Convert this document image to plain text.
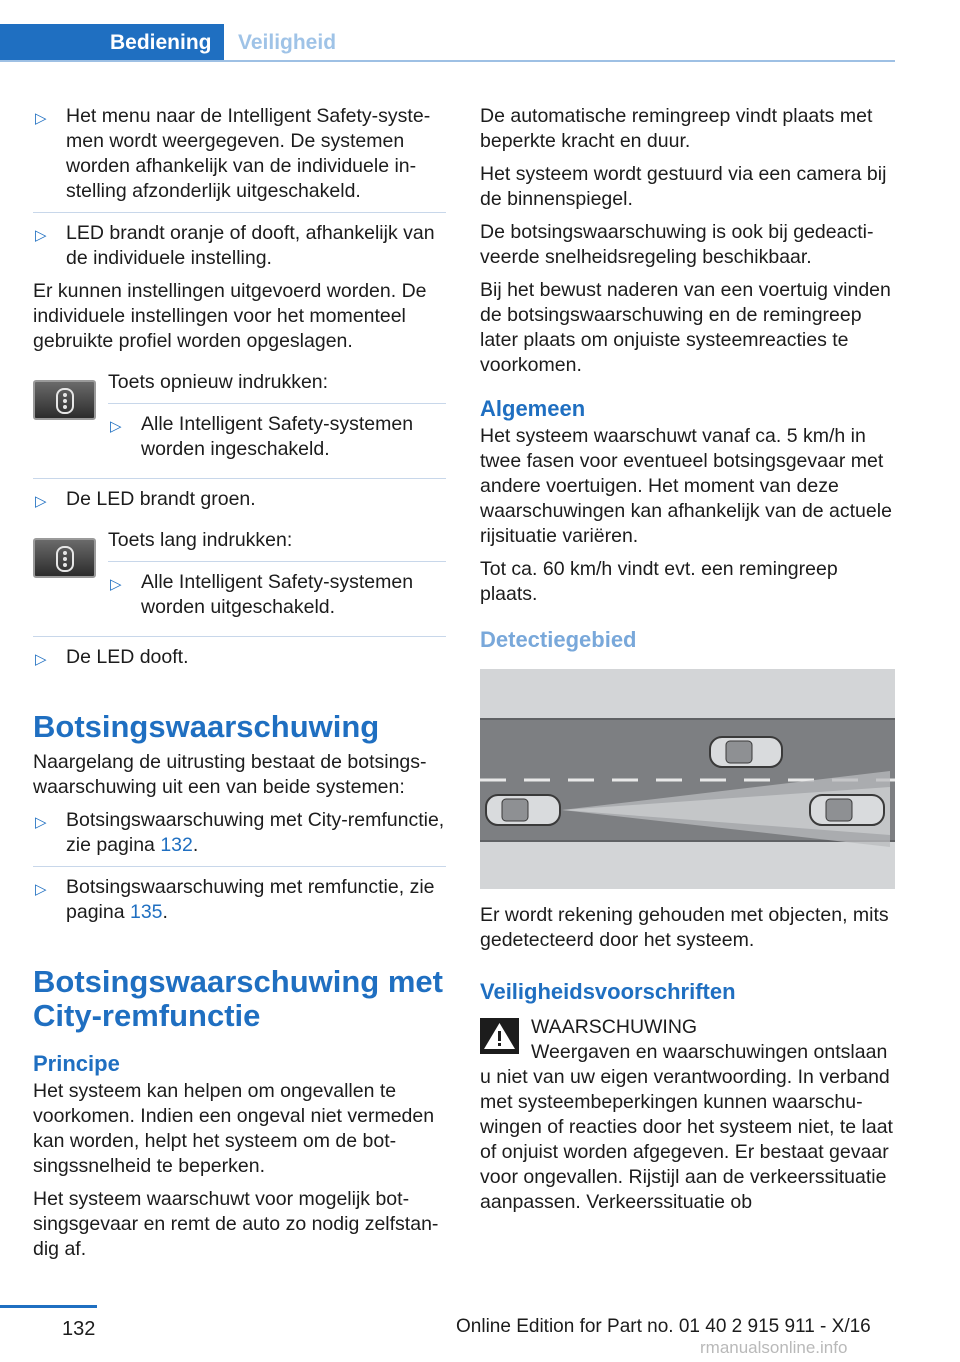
Bediening	Veiligheid
▷ Het menu naar de Intelligent Safety-systemen wordt weergegeven. De systemen worden afhankelijk van de individuele instelling afzonderlijk uitgeschakeld.
▷ LED brandt oranje of dooft, afhankelijk van de individuele instelling.

Er kunnen instellingen uitgevoerd worden. De individuele instellingen voor het momenteel gebruikte profiel worden opgeslagen.

Toets opnieuw indrukken:
▷ Alle Intelligent Safety-systemen worden ingeschakeld.
▷ De LED brandt groen.
Toets lang indrukken:
▷ Alle Intelligent Safety-systemen worden uitgeschakeld.
▷ De LED dooft.
Botsingswaarschuwing

Naargelang de uitrusting bestaat de botsingswaarschuwing uit een van beide systemen:

▷ Botsingswaarschuwing met City-remfunctie, zie pagina 132.
▷ Botsingswaarschuwing met remfunctie, zie pagina 135.
Botsingswaarschuwing met City-remfunctie
Principe

Het systeem kan helpen om ongevallen te voorkomen. Indien een ongeval niet vermeden kan worden, helpt het systeem om de botsingssnelheid te beperken.

Het systeem waarschuwt voor mogelijk botsingsgevaar en remt de auto zo nodig zelfstandig af.

De automatische remingreep vindt plaats met beperkte kracht en duur.

Het systeem wordt gestuurd via een camera bij de binnenspiegel.

De botsingswaarschuwing is ook bij gedeactiveerde snelheidsregeling beschikbaar.

Bij het bewust naderen van een voertuig vinden de botsingswaarschuwing en de remingreep later plaats om onjuiste systeemreacties te voorkomen.

Algemeen

Het systeem waarschuwt vanaf ca. 5 km/h in twee fasen voor eventueel botsingsgevaar met andere voertuigen. Het moment van deze waarschuwingen kan afhankelijk van de actuele rijsituatie variëren.

Tot ca. 60 km/h vindt evt. een remingreep plaats.

Detectiegebied

Er wordt rekening gehouden met objecten, mits gedetecteerd door het systeem.

Veiligheidsvoorschriften
WAARSCHUWING
Weergaven en waarschuwingen ontslaan

u niet van uw eigen verantwoording. In verband met systeembeperkingen kunnen waarschuwingen of reacties door het systeem niet, te laat of onjuist worden afgegeven. Er bestaat gevaar voor ongevallen. Rijstijl aan de verkeerssituatie aanpassen. Verkeerssituatie ob

132	Online Edition for Part no. 01 40 2 915 911 - X/16
rmanualsonline.info
